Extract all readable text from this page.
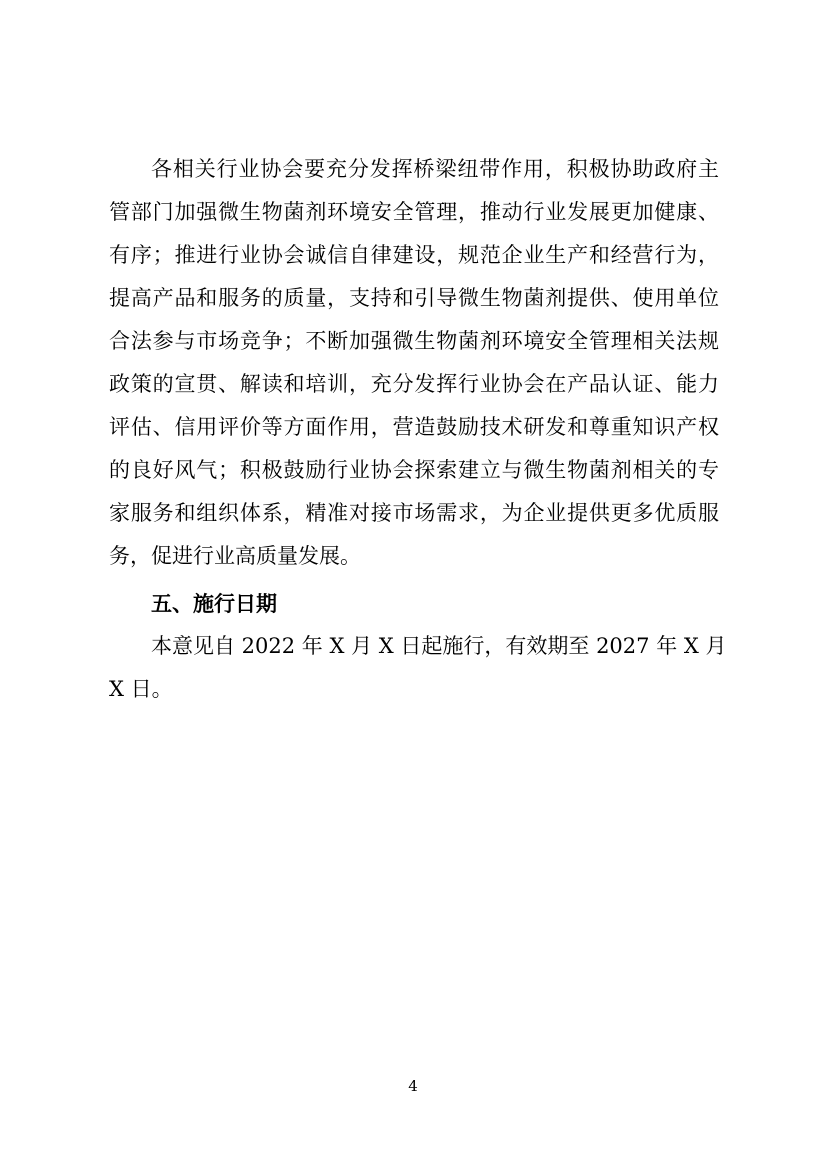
各相关行业协会要充分发挥桥梁纽带作用，积极协助政府主
管部门加强微生物菌剂环境安全管理，推动行业发展更加健康、
有序；推进行业协会诚信自律建设，规范企业生产和经营行为，
提高产品和服务的质量，支持和引导微生物菌剂提供、使用单位
合法参与市场竞争；不断加强微生物菌剂环境安全管理相关法规
政策的宣贯、解读和培训，充分发挥行业协会在产品认证、能力
评估、信用评价等方面作用，营造鼓励技术研发和尊重知识产权
的良好风气；积极鼓励行业协会探索建立与微生物菌剂相关的专
家服务和组织体系，精准对接市场需求，为企业提供更多优质服
务，促进行业高质量发展。
五、施行日期
本意见自 2022 年 X 月 X 日起施行，有效期至 2027 年 X 月
X 日。
4
